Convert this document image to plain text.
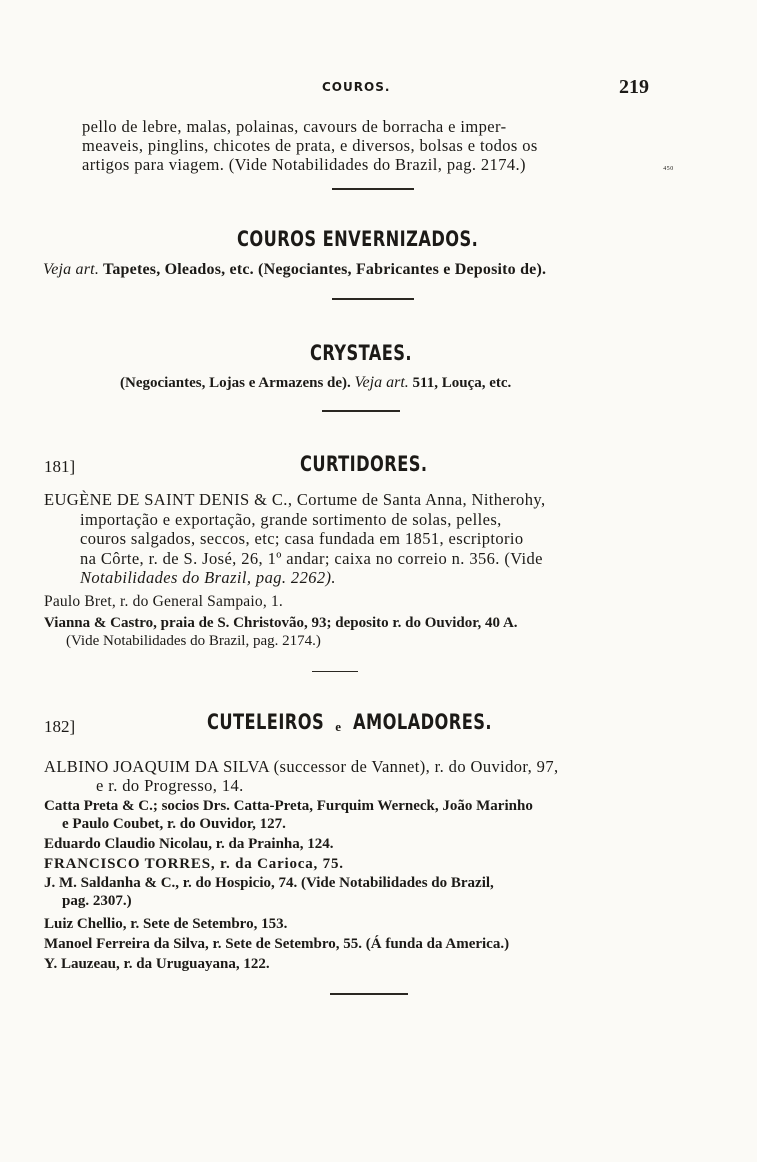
COUROS.	219
pello de lebre, malas, polainas, cavours de borracha e imper-
meaveis, pinglins, chicotes de prata, e diversos, bolsas e todos os
artigos para viagem. (Vide Notabilidades do Brazil, pag. 2174.)	₄₅₀
COUROS ENVERNIZADOS.
Veja art. Tapetes, Oleados, etc. (Negociantes, Fabricantes e Deposito de).
CRYSTAES.
(Negociantes, Lojas e Armazens de). Veja art. 511, Louça, etc.
181]	CURTIDORES.
EUGÈNE DE SAINT DENIS & C., Cortume de Santa Anna, Nitherohy,
importação e exportação, grande sortimento de solas, pelles,
couros salgados, seccos, etc; casa fundada em 1851, escriptorio
na Côrte, r. de S. José, 26, 1º andar; caixa no correio n. 356. (Vide
Notabilidades do Brazil, pag. 2262).
Paulo Bret, r. do General Sampaio, 1.
Vianna & Castro, praia de S. Christovão, 93; deposito r. do Ouvidor, 40 A.
(Vide Notabilidades do Brazil, pag. 2174.)
182]	CUTELEIROS e AMOLADORES.
ALBINO JOAQUIM DA SILVA (successor de Vannet), r. do Ouvidor, 97,
e r. do Progresso, 14.
Catta Preta & C.; socios Drs. Catta-Preta, Furquim Werneck, João Marinho
e Paulo Coubet, r. do Ouvidor, 127.
Eduardo Claudio Nicolau, r. da Prainha, 124.
FRANCISCO TORRES, r. da Carioca, 75.
J. M. Saldanha & C., r. do Hospicio, 74. (Vide Notabilidades do Brazil,
pag. 2307.)
Luiz Chellio, r. Sete de Setembro, 153.
Manoel Ferreira da Silva, r. Sete de Setembro, 55. (Á funda da America.)
Y. Lauzeau, r. da Uruguayana, 122.
